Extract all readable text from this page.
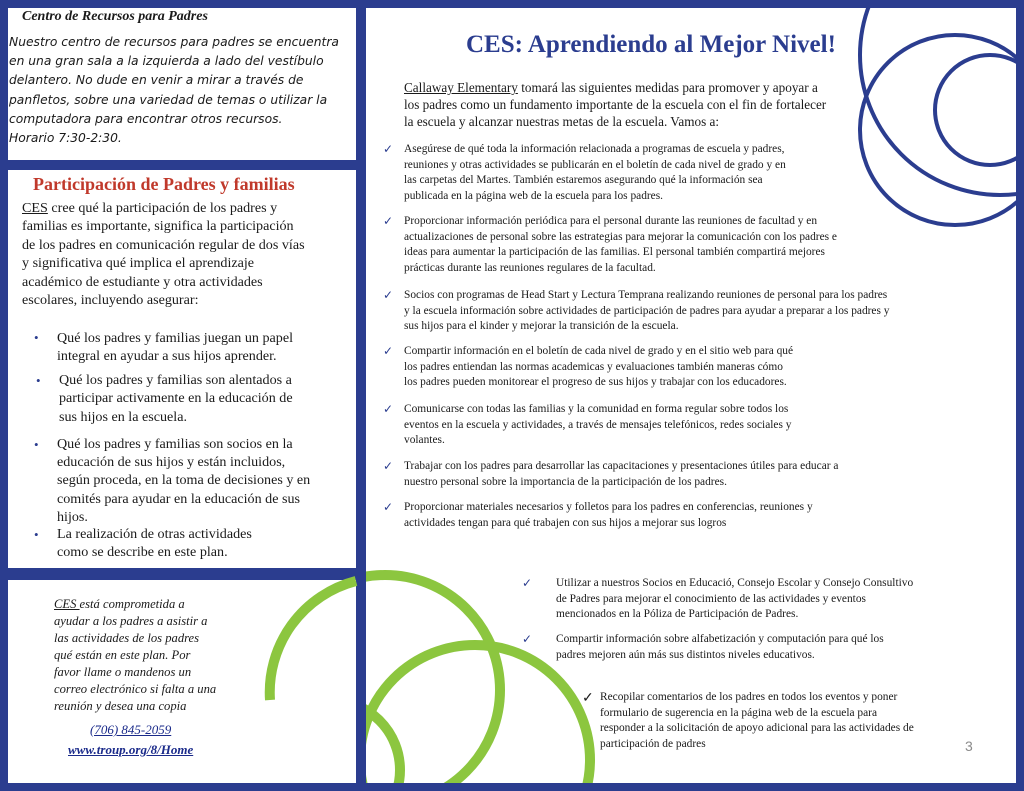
Centro de Recursos para Padres
Nuestro centro de recursos para padres se encuentra
en una gran sala a la izquierda a lado del vestíbulo
delantero. No dude en venir a mirar a través de
panfletos, sobre una variedad de temas o utilizar la
computadora para encontrar otros recursos.
Horario 7:30-2:30.
Participación de Padres y familias
CES cree qué la participación de los padres y
familias es importante, significa la participación
de los padres en comunicación regular de dos vías
y significativa qué implica el aprendizaje
académico de estudiante y otra actividades
escolares, incluyendo asegurar:
• Qué los padres y familias juegan un papel
integral en ayudar a sus hijos aprender.
• Qué los padres y familias son alentados a
participar activamente en la educación de
sus hijos en la escuela.
• Qué los padres y familias son socios en la
educación de sus hijos y están incluidos,
según proceda, en la toma de decisiones y en
comités para ayudar en la educación de sus
hijos.
• La realización de otras actividades
como se describe en este plan.
CES está comprometida a
ayudar a los padres a asistir a
las actividades de los padres
qué están en este plan. Por
favor llame o mandenos un
correo electrónico si falta a una
reunión y desea una copia
(706) 845-2059
www.troup.org/8/Home
CES: Aprendiendo al Mejor Nivel!
Callaway Elementary tomará las siguientes medidas para promover y apoyar a
los padres como un fundamento importante de la escuela con el fin de fortalecer
la escuela y alcanzar nuestras metas de la escuela. Vamos a:
✓ Asegúrese de qué toda la información relacionada a programas de escuela y padres,
reuniones y otras actividades se publicarán en el boletín de cada nivel de grado y en
las carpetas del Martes. También estaremos asegurando qué la información sea
publicada en la página web de la escuela para los padres.
✓ Proporcionar información periódica para el personal durante las reuniones de facultad y en
actualizaciones de personal sobre las estrategias para mejorar la comunicación con los padres e
ideas para aumentar la participación de las familias. El personal también compartirá mejores
prácticas durante las reuniones regulares de la facultad.
✓ Socios con programas de Head Start y Lectura Temprana realizando reuniones de personal para los padres
y la escuela información sobre actividades de participación de padres para ayudar a preparar a los padres y
sus hijos para el kinder y mejorar la transición de la escuela.
✓ Compartir información en el boletín de cada nivel de grado y en el sitio web para qué
los padres entiendan las normas academicas y evaluaciones también maneras cómo
los padres pueden monitorear el progreso de sus hijos y trabajar con los educadores.
✓ Comunicarse con todas las familias y la comunidad en forma regular sobre todos los
eventos en la escuela y actividades, a través de mensajes telefónicos, redes sociales y
volantes.
✓ Trabajar con los padres para desarrollar las capacitaciones y presentaciones útiles para educar a
nuestro personal sobre la importancia de la participación de los padres.
✓ Proporcionar materiales necesarios y folletos para los padres en conferencias, reuniones y
actividades tengan para qué trabajen con sus hijos a mejorar sus logros
✓ Utilizar a nuestros Socios en Educació, Consejo Escolar y Consejo Consultivo
de Padres para mejorar el conocimiento de las actividades y eventos
mencionados en la Póliza de Participación de Padres.
✓ Compartir información sobre alfabetización y computación para qué los
padres mejoren aún más sus distintos niveles educativos.
✓ Recopilar comentarios de los padres en todos los eventos y poner
formulario de sugerencia en la página web de la escuela para
responder a la solicitación de apoyo adicional para las actividades de
participación de padres	3
